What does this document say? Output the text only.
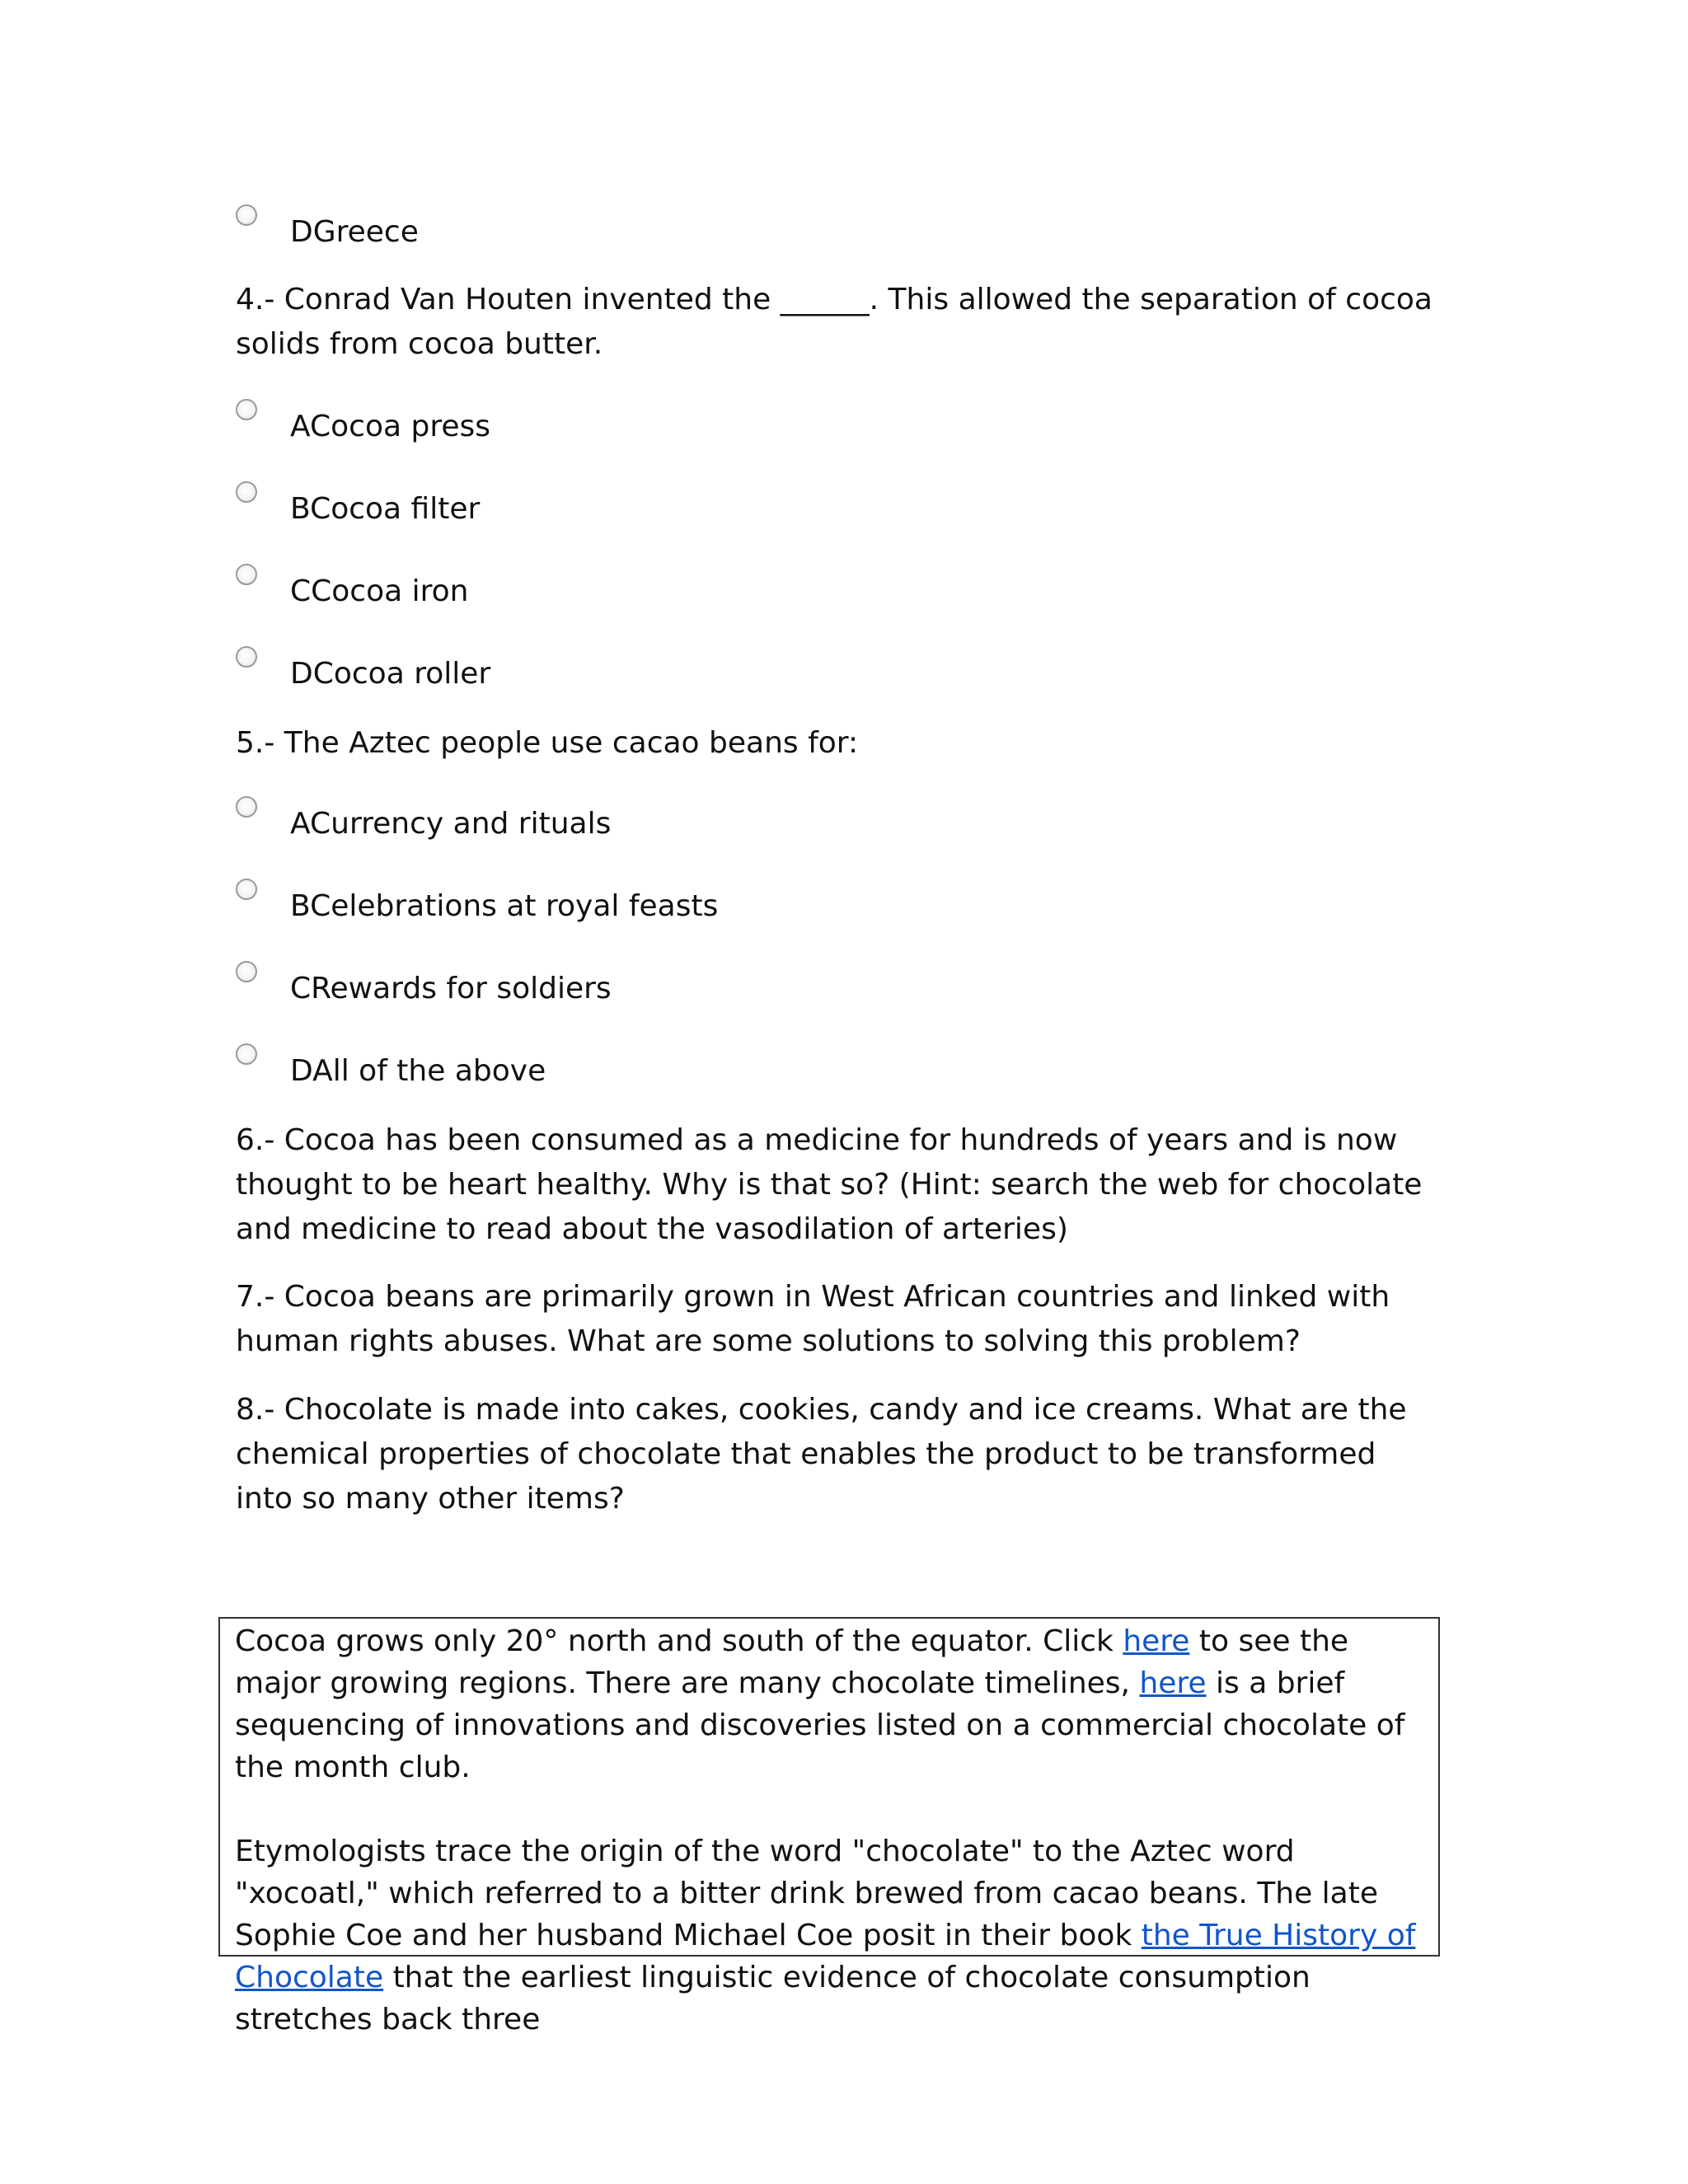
DGreece

4.- Conrad Van Houten invented the ______. This allowed the separation of cocoa solids from cocoa butter.

ACocoa press
BCocoa filter
CCocoa iron
DCocoa roller

5.- The Aztec people use cacao beans for:

ACurrency and rituals
BCelebrations at royal feasts
CRewards for soldiers
DAll of the above

6.- Cocoa has been consumed as a medicine for hundreds of years and is now thought to be heart healthy. Why is that so? (Hint: search the web for chocolate and medicine to read about the vasodilation of arteries)

7.- Cocoa beans are primarily grown in West African countries and linked with human rights abuses. What are some solutions to solving this problem?

8.- Chocolate is made into cakes, cookies, candy and ice creams. What are the chemical properties of chocolate that enables the product to be transformed into so many other items?

Cocoa grows only 20° north and south of the equator. Click here to see the major growing regions. There are many chocolate timelines, here is a brief sequencing of innovations and discoveries listed on a commercial chocolate of the month club.

Etymologists trace the origin of the word "chocolate" to the Aztec word "xocoatl," which referred to a bitter drink brewed from cacao beans. The late Sophie Coe and her husband Michael Coe posit in their book the True History of Chocolate that the earliest linguistic evidence of chocolate consumption stretches back three
